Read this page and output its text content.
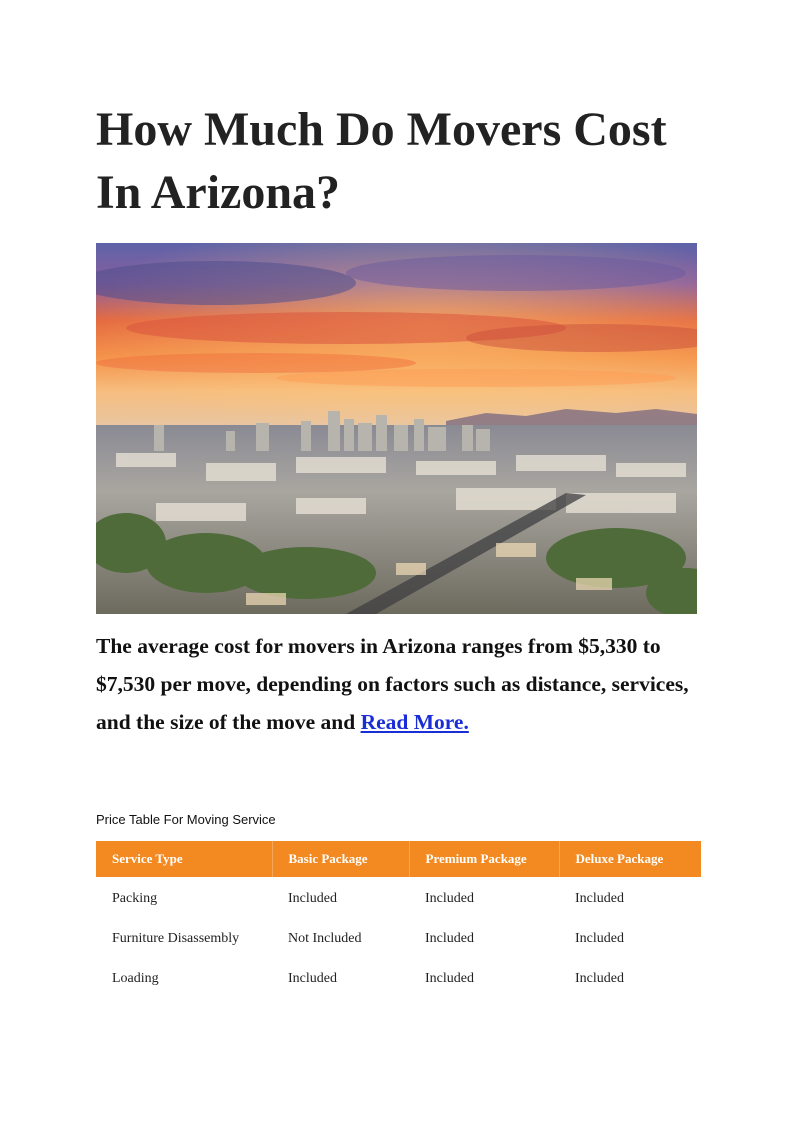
How Much Do Movers Cost In Arizona?

The average cost for movers in Arizona ranges from $5,330 to $7,530 per move, depending on factors such as distance, services, and the size of the move and Read More.

Price Table For Moving Service
Service Type	Basic Package	Premium Package	Deluxe Package
Packing	Included	Included	Included
Furniture Disassembly	Not Included	Included	Included
Loading	Included	Included	Included
